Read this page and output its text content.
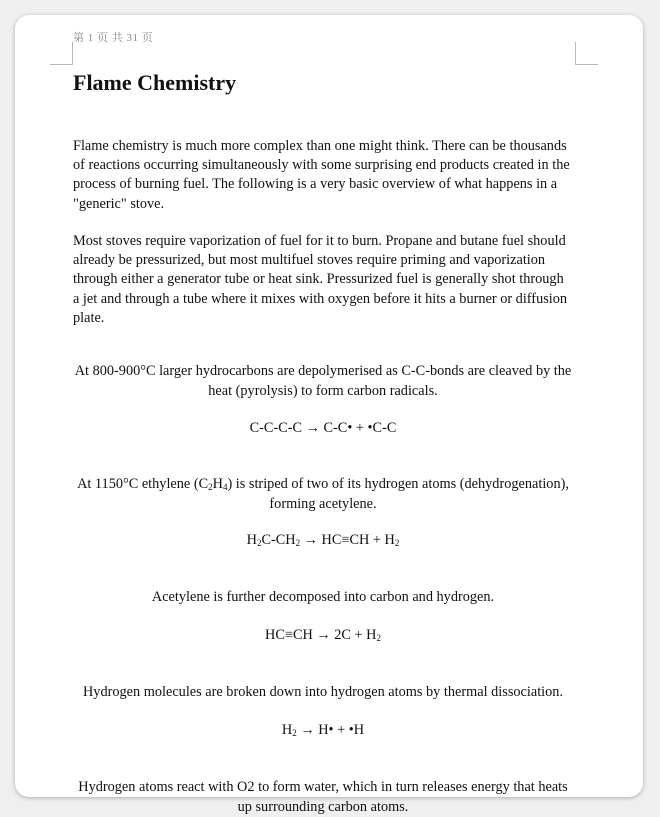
第 1 页 共 31 页
Flame Chemistry

Flame chemistry is much more complex than one might think. There can be thousands of reactions occurring simultaneously with some surprising end products created in the process of burning fuel. The following is a very basic overview of what happens in a "generic" stove.

Most stoves require vaporization of fuel for it to burn. Propane and butane fuel should already be pressurized, but most multifuel stoves require priming and vaporization through either a generator tube or heat sink. Pressurized fuel is generally shot through a jet and through a tube where it mixes with oxygen before it hits a burner or diffusion plate.

At 800-900°C larger hydrocarbons are depolymerised as C-C-bonds are cleaved by the heat (pyrolysis) to form carbon radicals.

C-C-C-C → C-C• + •C-C

At 1150°C ethylene $(C_2H_4)$ is striped of two of its hydrogen atoms (dehydrogenation), forming acetylene.

$H_2C-CH_2 \to HC\equiv CH + H_2$

Acetylene is further decomposed into carbon and hydrogen.

$HC\equiv CH \to 2C + H_2$

Hydrogen molecules are broken down into hydrogen atoms by thermal dissociation.

$H_2$ → H• + •H

Hydrogen atoms react with O2 to form water, which in turn releases energy that heats up surrounding carbon atoms.
